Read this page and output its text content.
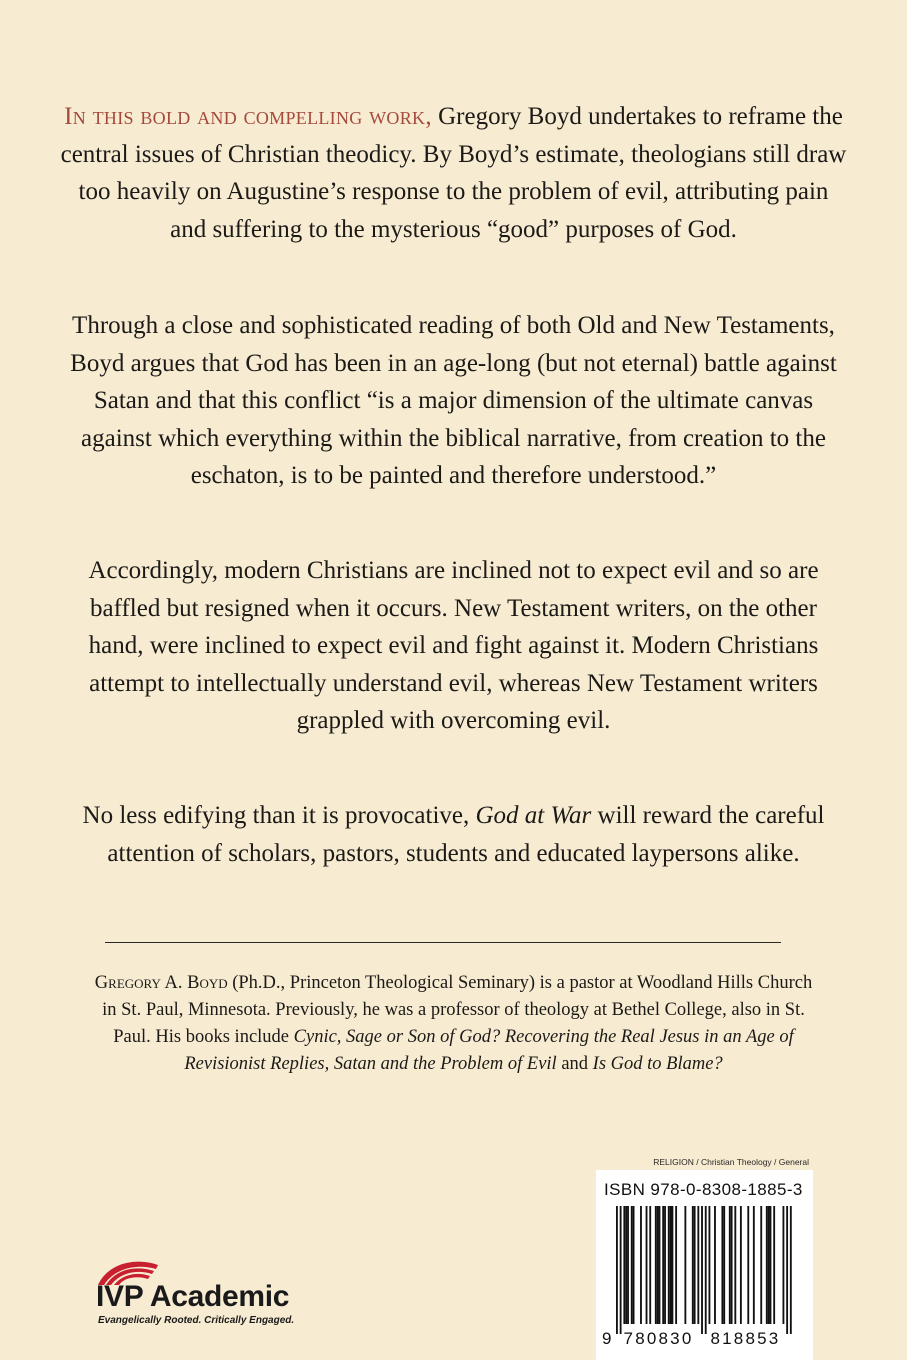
In this bold and compelling work, Gregory Boyd undertakes to reframe the central issues of Christian theodicy. By Boyd’s estimate, theologians still draw too heavily on Augustine’s response to the problem of evil, attributing pain and suffering to the mysterious “good” purposes of God.

Through a close and sophisticated reading of both Old and New Testaments, Boyd argues that God has been in an age-long (but not eternal) battle against Satan and that this conflict “is a major dimension of the ultimate canvas against which everything within the biblical narrative, from creation to the eschaton, is to be painted and therefore understood.”

Accordingly, modern Christians are inclined not to expect evil and so are baffled but resigned when it occurs. New Testament writers, on the other hand, were inclined to expect evil and fight against it. Modern Christians attempt to intellectually understand evil, whereas New Testament writers grappled with overcoming evil.

No less edifying than it is provocative, God at War will reward the careful attention of scholars, pastors, students and educated laypersons alike.

Gregory A. Boyd (Ph.D., Princeton Theological Seminary) is a pastor at Woodland Hills Church in St. Paul, Minnesota. Previously, he was a professor of theology at Bethel College, also in St. Paul. His books include Cynic, Sage or Son of God? Recovering the Real Jesus in an Age of Revisionist Replies, Satan and the Problem of Evil and Is God to Blame?

RELIGION / Christian Theology / General
9 780830 818853
ISBN 978-0-8308-1885-3
IVP Academic
Evangelically Rooted. Critically Engaged.
